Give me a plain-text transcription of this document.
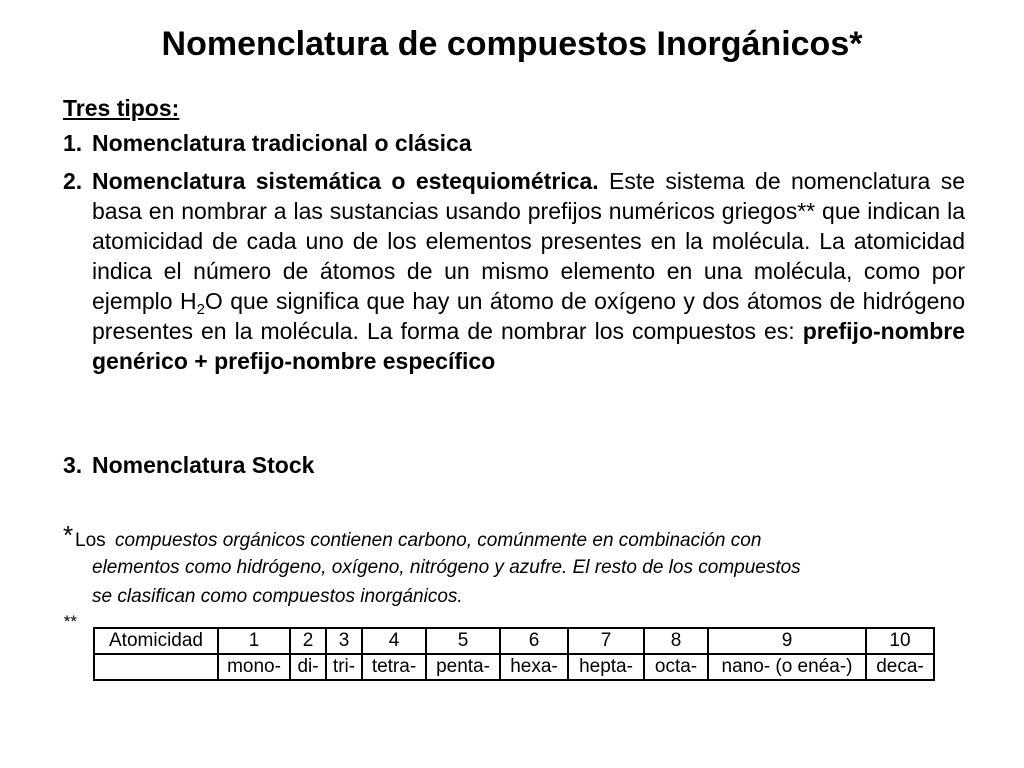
Nomenclatura de compuestos Inorgánicos*
Tres tipos:
1. Nomenclatura tradicional o clásica
2. Nomenclatura sistemática o estequiométrica. Este sistema de nomenclatura se basa en nombrar a las sustancias usando prefijos numéricos griegos** que indican la atomicidad de cada uno de los elementos presentes en la molécula. La atomicidad indica el número de átomos de un mismo elemento en una molécula, como por ejemplo $H_2O$ que significa que hay un átomo de oxígeno y dos átomos de hidrógeno presentes en la molécula. La forma de nombrar los compuestos es: prefijo-nombre genérico + prefijo-nombre específico
3. Nomenclatura Stock
* Los compuestos orgánicos contienen carbono, comúnmente en combinación con
elementos como hidrógeno, oxígeno, nitrógeno y azufre. El resto de los compuestos
se clasifican como compuestos inorgánicos.
**
Atomicidad	1	2	3	4	5	6	7	8	9	10
	mono-	di-	tri-	tetra-	penta-	hexa-	hepta-	octa-	nano- (o enéa-)	deca-
